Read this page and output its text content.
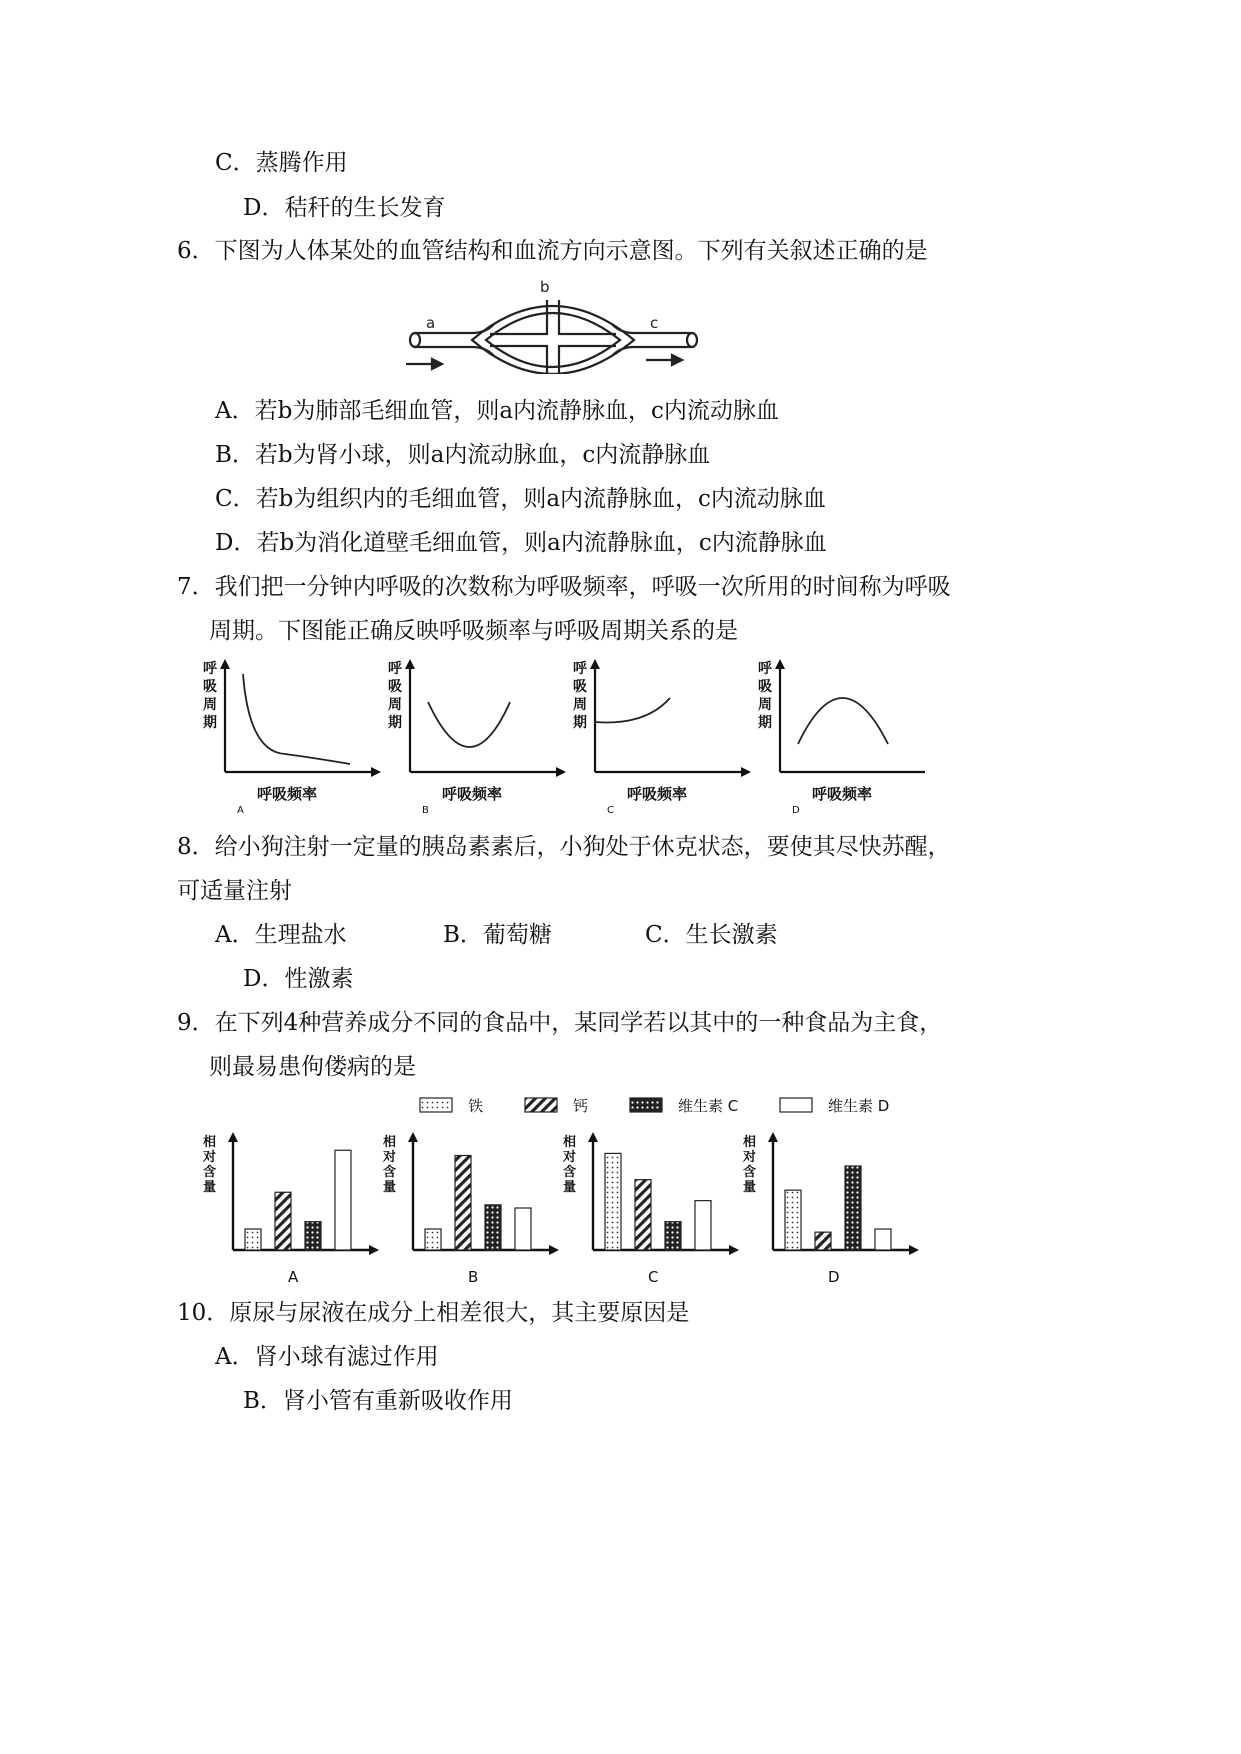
C．蒸腾作用
D．秸秆的生长发育
6．下图为人体某处的血管结构和血流方向示意图。下列有关叙述正确的是
a
b
c
A．若b为肺部毛细血管，则a内流静脉血，c内流动脉血
B．若b为肾小球，则a内流动脉血，c内流静脉血
C．若b为组织内的毛细血管，则a内流静脉血，c内流动脉血
D．若b为消化道壁毛细血管，则a内流静脉血，c内流静脉血
7．我们把一分钟内呼吸的次数称为呼吸频率，呼吸一次所用的时间称为呼吸
周期。下图能正确反映呼吸频率与呼吸周期关系的是
呼
吸
周
期
呼吸频率
A
呼
吸
周
期
呼吸频率
B
呼
吸
周
期
呼吸频率
C
呼
吸
周
期
呼吸频率
D
8．给小狗注射一定量的胰岛素素后，小狗处于休克状态，要使其尽快苏醒，
可适量注射
A．生理盐水	B．葡萄糖	C．生长激素
D．性激素
9．在下列4种营养成分不同的食品中，某同学若以其中的一种食品为主食，
则最易患佝偻病的是
铁	钙	维生素 C	维生素 D
相
对
含
量
A
相
对
含
量
B
相
对
含
量
C
相
对
含
量
D
10．原尿与尿液在成分上相差很大，其主要原因是
A．肾小球有滤过作用
B．肾小管有重新吸收作用
